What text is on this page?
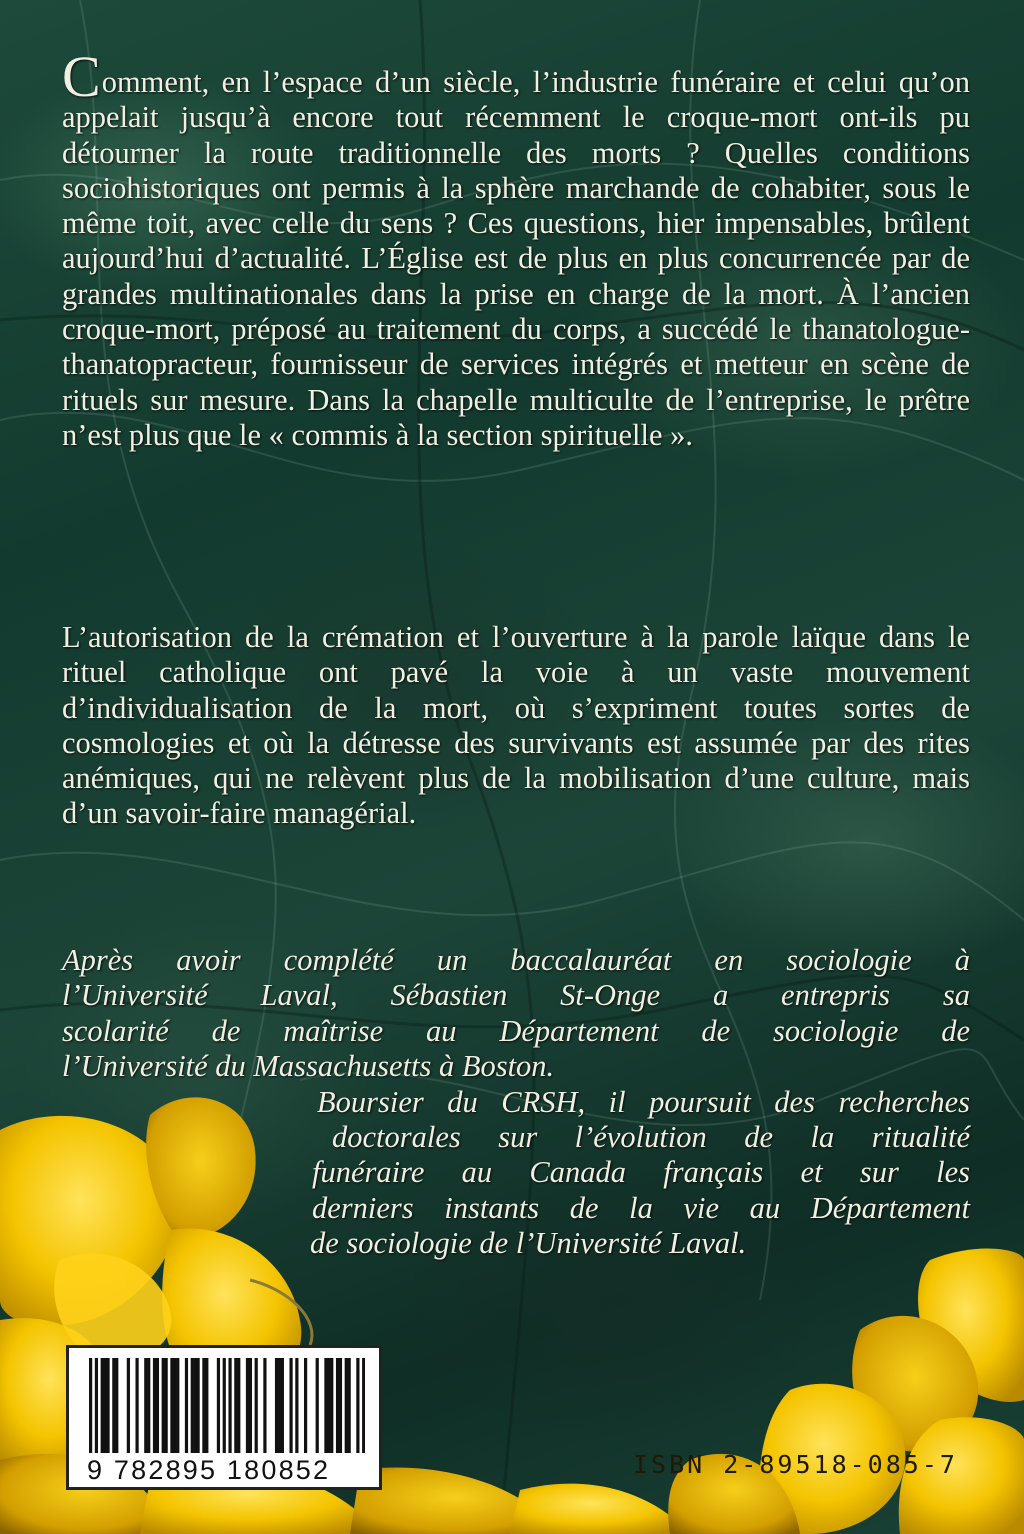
Comment, en l’espace d’un siècle, l’industrie funéraire et celui qu’on appelait jusqu’à encore tout récemment le croque-mort ont-ils pu détourner la route traditionnelle des morts ? Quelles conditions sociohistoriques ont permis à la sphère marchande de cohabiter, sous le même toit, avec celle du sens ? Ces questions, hier impensables, brûlent aujourd’hui d’actualité. L’Église est de plus en plus concurrencée par de grandes multinationales dans la prise en charge de la mort. À l’ancien croque-mort, préposé au traitement du corps, a succédé le thanatologue-thanatopracteur, fournisseur de services intégrés et metteur en scène de rituels sur mesure. Dans la chapelle multiculte de l’entreprise, le prêtre n’est plus que le « commis à la section spirituelle ».

L’autorisation de la crémation et l’ouverture à la parole laïque dans le rituel catholique ont pavé la voie à un vaste mouvement d’individualisation de la mort, où s’expriment toutes sortes de cosmologies et où la détresse des survivants est assumée par des rites anémiques, qui ne relèvent plus de la mobilisation d’une culture, mais d’un savoir-faire managérial.

Après avoir complété un baccalauréat en sociologie à
l’Université Laval, Sébastien St-Onge a entrepris sa
scolarité de maîtrise au Département de sociologie de
l’Université du Massachusetts à Boston.
Boursier du CRSH, il poursuit des recherches
doctorales sur l’évolution de la ritualité
funéraire au Canada français et sur les
derniers instants de la vie au Département
de sociologie de l’Université Laval.

9 782895 180852	ISBN 2-89518-085-7
